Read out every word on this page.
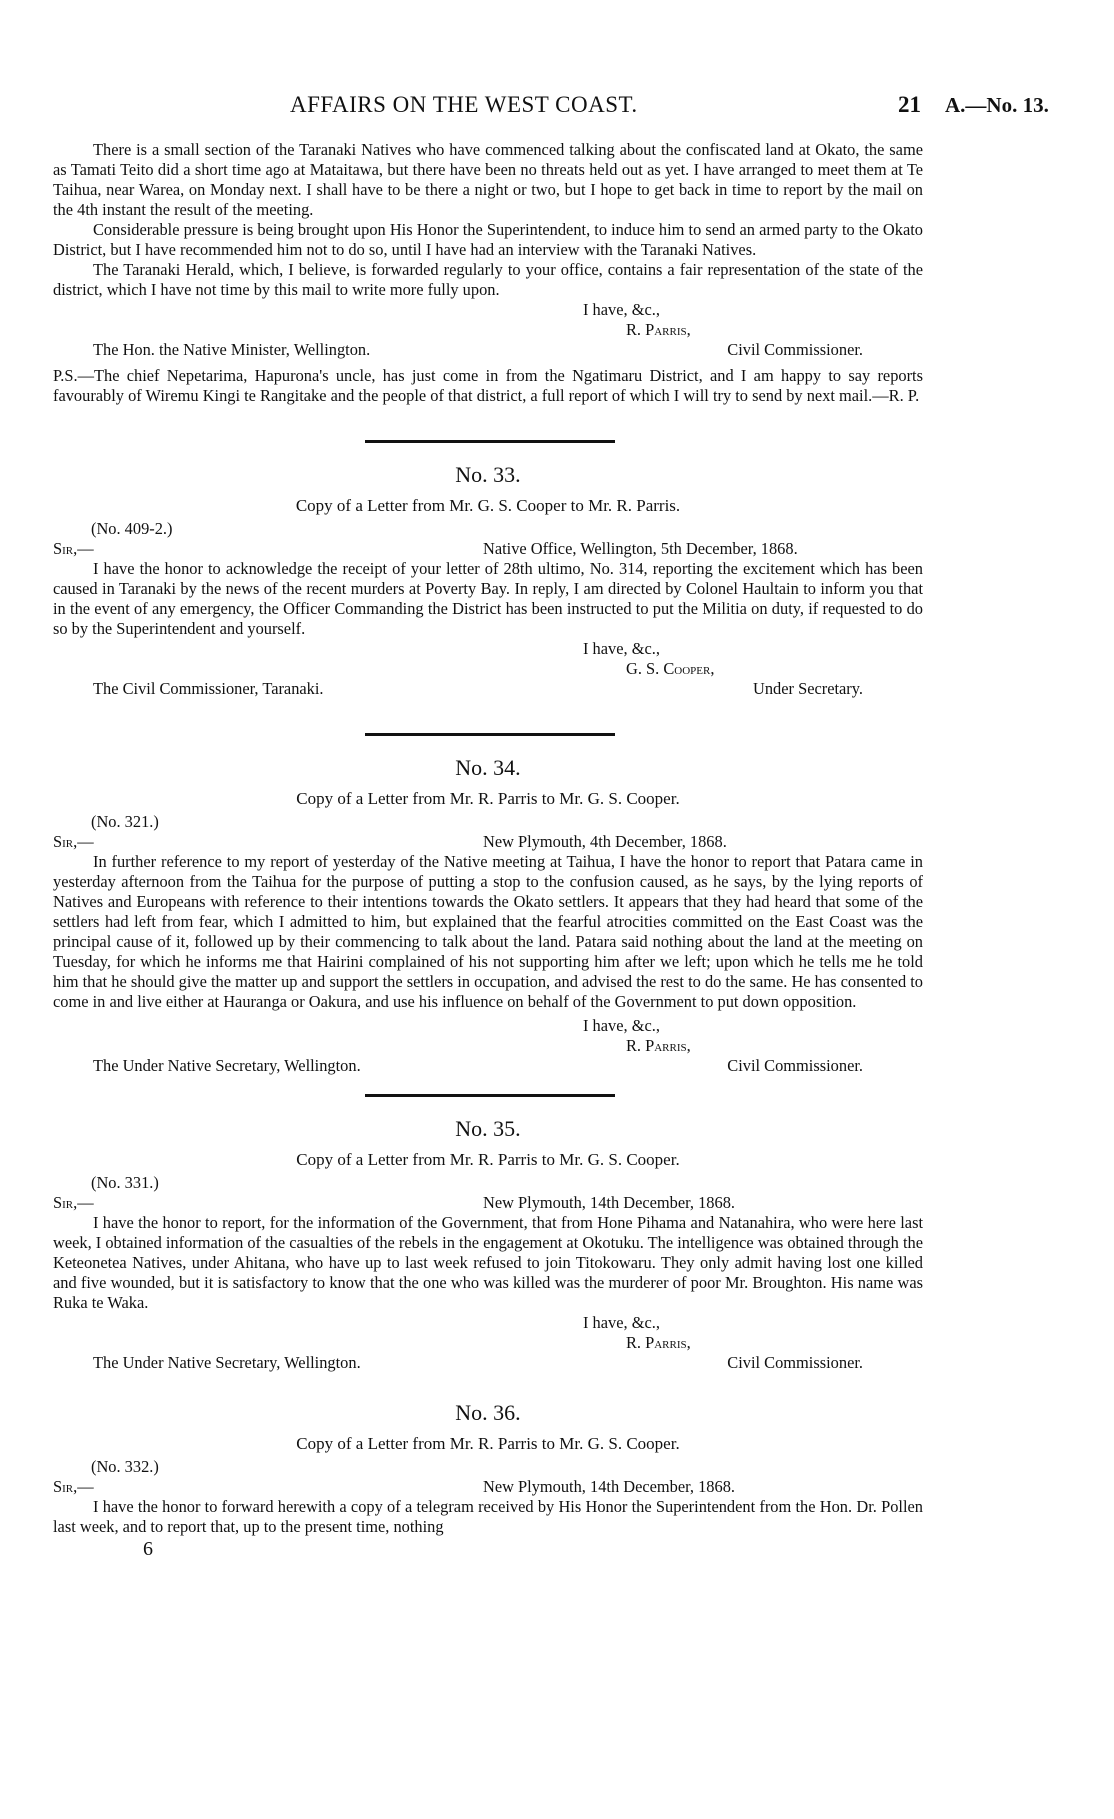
AFFAIRS ON THE WEST COAST.	21 A.—No. 13.

There is a small section of the Taranaki Natives who have commenced talking about the confiscated land at Okato, the same as Tamati Teito did a short time ago at Mataitawa, but there have been no threats held out as yet. I have arranged to meet them at Te Taihua, near Warea, on Monday next. I shall have to be there a night or two, but I hope to get back in time to report by the mail on the 4th instant the result of the meeting.

Considerable pressure is being brought upon His Honor the Superintendent, to induce him to send an armed party to the Okato District, but I have recommended him not to do so, until I have had an interview with the Taranaki Natives.

The Taranaki Herald, which, I believe, is forwarded regularly to your office, contains a fair representation of the state of the district, which I have not time by this mail to write more fully upon.

I have, &c.,
R. Parris,
The Hon. the Native Minister, Wellington.	Civil Commissioner.

P.S.—The chief Nepetarima, Hapurona's uncle, has just come in from the Ngatimaru District, and I am happy to say reports favourably of Wiremu Kingi te Rangitake and the people of that district, a full report of which I will try to send by next mail.—R. P.

No. 33.
Copy of a Letter from Mr. G. S. Cooper to Mr. R. Parris.
(No. 409-2.)
Sir,—	Native Office, Wellington, 5th December, 1868.

I have the honor to acknowledge the receipt of your letter of 28th ultimo, No. 314, reporting the excitement which has been caused in Taranaki by the news of the recent murders at Poverty Bay. In reply, I am directed by Colonel Haultain to inform you that in the event of any emergency, the Officer Commanding the District has been instructed to put the Militia on duty, if requested to do so by the Superintendent and yourself.

I have, &c.,
G. S. Cooper,
The Civil Commissioner, Taranaki.	Under Secretary.
No. 34.
Copy of a Letter from Mr. R. Parris to Mr. G. S. Cooper.
(No. 321.)
Sir,—	New Plymouth, 4th December, 1868.

In further reference to my report of yesterday of the Native meeting at Taihua, I have the honor to report that Patara came in yesterday afternoon from the Taihua for the purpose of putting a stop to the confusion caused, as he says, by the lying reports of Natives and Europeans with reference to their intentions towards the Okato settlers. It appears that they had heard that some of the settlers had left from fear, which I admitted to him, but explained that the fearful atrocities committed on the East Coast was the principal cause of it, followed up by their commencing to talk about the land. Patara said nothing about the land at the meeting on Tuesday, for which he informs me that Hairini complained of his not supporting him after we left; upon which he tells me he told him that he should give the matter up and support the settlers in occupation, and advised the rest to do the same. He has consented to come in and live either at Hauranga or Oakura, and use his influence on behalf of the Government to put down opposition.

I have, &c.,
R. Parris,
The Under Native Secretary, Wellington.	Civil Commissioner.
No. 35.
Copy of a Letter from Mr. R. Parris to Mr. G. S. Cooper.
(No. 331.)
Sir,—	New Plymouth, 14th December, 1868.

I have the honor to report, for the information of the Government, that from Hone Pihama and Natanahira, who were here last week, I obtained information of the casualties of the rebels in the engagement at Okotuku. The intelligence was obtained through the Keteonetea Natives, under Ahitana, who have up to last week refused to join Titokowaru. They only admit having lost one killed and five wounded, but it is satisfactory to know that the one who was killed was the murderer of poor Mr. Broughton. His name was Ruka te Waka.

I have, &c.,
R. Parris,
The Under Native Secretary, Wellington.	Civil Commissioner.
No. 36.
Copy of a Letter from Mr. R. Parris to Mr. G. S. Cooper.
(No. 332.)
Sir,—	New Plymouth, 14th December, 1868.

I have the honor to forward herewith a copy of a telegram received by His Honor the Superintendent from the Hon. Dr. Pollen last week, and to report that, up to the present time, nothing

6
